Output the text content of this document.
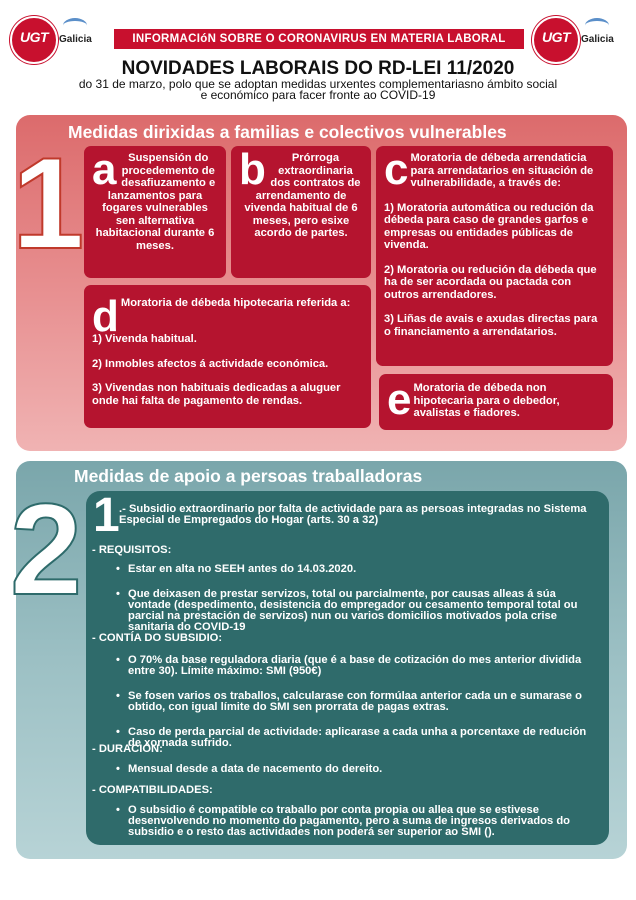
UGT	Galicia	UGT	Galicia
INFORMACIóN SOBRE O CORONAVIRUS EN MATERIA LABORAL
NOVIDADES LABORAIS DO RD-LEI 11/2020
do 31 de marzo, polo que se adoptan medidas urxentes complementariasno ámbito social
e económico para facer fronte ao COVID-19
1
Medidas dirixidas a familias e colectivos vulnerables
a	Suspensión do procedemento de desafiuzamento e lanzamentos para fogares vulnerables sen alternativa habitacional durante 6 meses.
b	Prórroga extraordinaria dos contratos de arrendamento de vivenda habitual de 6 meses, pero esixe acordo de partes.
c Moratoria de débeda arrendaticia para arrendatarios en situación de vulnerabilidade, a través de:

1) Moratoria automática ou redución da débeda para caso de grandes garfos e empresas ou entidades públicas de vivenda.

2) Moratoria ou redución da débeda que ha de ser acordada ou pactada con outros arrendadores.

3) Liñas de avais e axudas directas para o financiamento a arrendatarios.

d Moratoria de débeda hipotecaria referida a:

1) Vivenda habitual.

2) Inmobles afectos á actividade económica.

3) Vivendas non habituais dedicadas a aluguer onde hai falta de pagamento de rendas.	e Moratoria de débeda non hipotecaria para o debedor, avalistas e fiadores.
2
Medidas de apoio a persoas traballadoras
1 .- Subsidio extraordinario por falta de actividade para as persoas integradas no Sistema Especial de Empregados do Hogar (arts. 30 a 32)
- REQUISITOS:
• Estar en alta no SEEH antes do 14.03.2020.
• Que deixasen de prestar servizos, total ou parcialmente, por causas alleas á súa vontade (despedimento, desistencia do empregador ou cesamento temporal total ou parcial na prestación de servizos) nun ou varios domicilios motivados pola crise sanitaria do COVID-19
- CONTÍA DO SUBSIDIO:
• O 70% da base reguladora diaria (que é a base de cotización do mes anterior dividida entre 30). Límite máximo: SMI (950€)
• Se fosen varios os traballos, calcularase con formúlaa anterior cada un e sumarase o obtido, con igual límite do SMI sen prorrata de pagas extras.
• Caso de perda parcial de actividade: aplicarase a cada unha a porcentaxe de redución de xornada sufrido.
- DURACIÓN:
• Mensual desde a data de nacemento do dereito.
- COMPATIBILIDADES:
• O subsidio é compatible co traballo por conta propia ou allea que se estivese desenvolvendo no momento do pagamento, pero a suma de ingresos derivados do subsidio e o resto das actividades non poderá ser superior ao SMI ().
